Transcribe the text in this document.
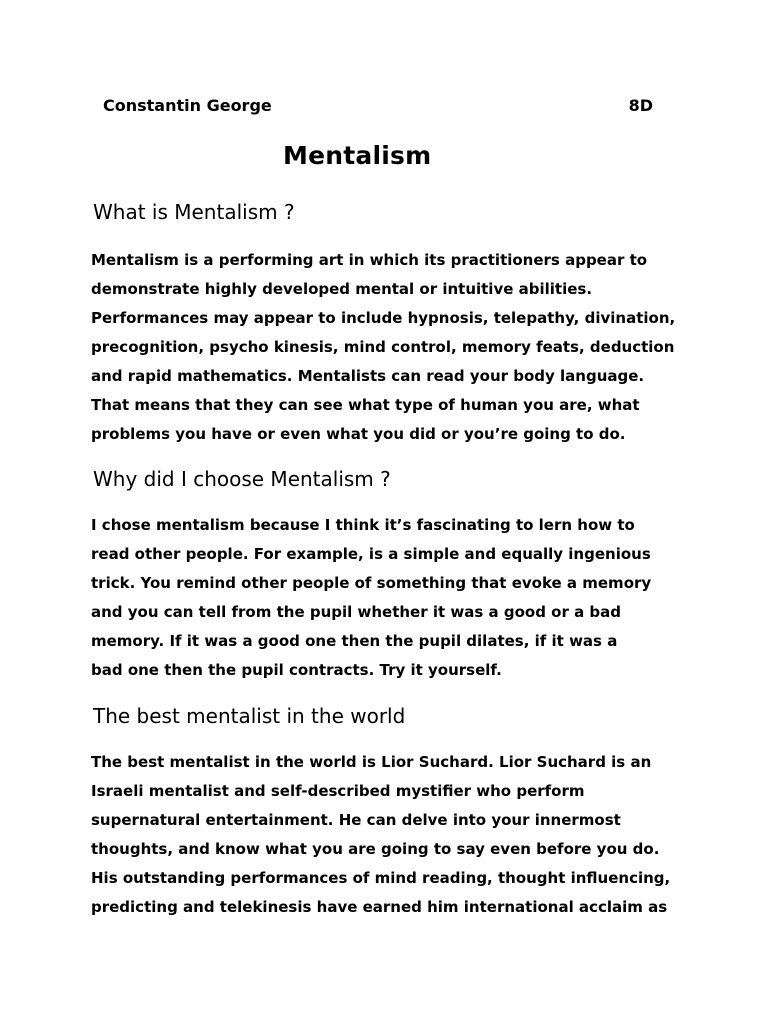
Constantin George	8D
Mentalism
What is Mentalism ?
Mentalism is a performing art in which its practitioners appear to
demonstrate highly developed mental or intuitive abilities.
Performances may appear to include hypnosis, telepathy, divination,
precognition, psycho kinesis, mind control, memory feats, deduction
and rapid mathematics. Mentalists can read your body language.
That means that they can see what type of human you are, what
problems you have or even what you did or you’re going to do.
Why did I choose Mentalism ?
I chose mentalism because I think it’s fascinating to lern how to
read other people. For example, is a simple and equally ingenious
trick. You remind other people of something that evoke a memory
and you can tell from the pupil whether it was a good or a bad
memory. If it was a good one then the pupil dilates, if it was a
bad one then the pupil contracts. Try it yourself.
The best mentalist in the world
The best mentalist in the world is Lior Suchard. Lior Suchard is an
Israeli mentalist and self-described mystifier who perform
supernatural entertainment. He can delve into your innermost
thoughts, and know what you are going to say even before you do.
His outstanding performances of mind reading, thought influencing,
predicting and telekinesis have earned him international acclaim as
